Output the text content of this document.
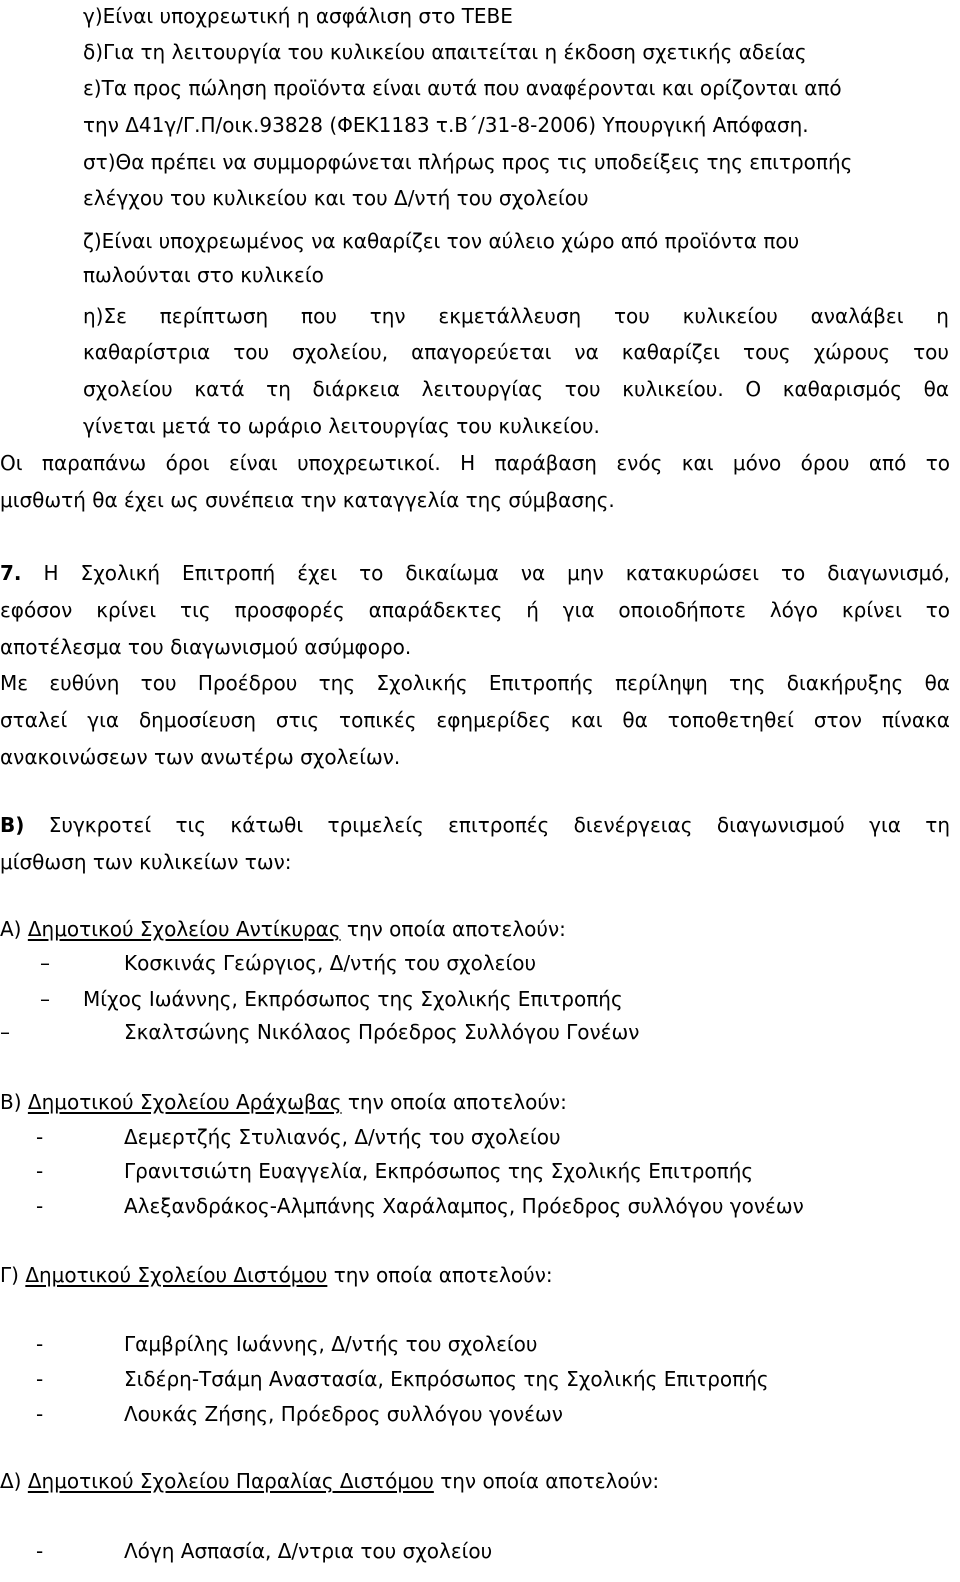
γ)Είναι υποχρεωτική η ασφάλιση στο ΤΕΒΕ
δ)Για τη λειτουργία του κυλικείου απαιτείται η έκδοση σχετικής αδείας
ε)Τα προς πώληση προϊόντα είναι αυτά που αναφέρονται και ορίζονται από
την Δ41γ/Γ.Π/οικ.93828 (ΦΕΚ1183 τ.Β΄/31-8-2006) Υπουργική Απόφαση.
στ)Θα πρέπει να συμμορφώνεται πλήρως προς τις υποδείξεις της επιτροπής
ελέγχου του κυλικείου και του Δ/ντή του σχολείου
ζ)Είναι υποχρεωμένος να καθαρίζει τον αύλειο χώρο από προϊόντα που
πωλούνται στο κυλικείο
η)Σε περίπτωση που την εκμετάλλευση του κυλικείου αναλάβει η
καθαρίστρια του σχολείου, απαγορεύεται να καθαρίζει τους χώρους του
σχολείου κατά τη διάρκεια λειτουργίας του κυλικείου. Ο καθαρισμός θα
γίνεται μετά το ωράριο λειτουργίας του κυλικείου.
Οι παραπάνω όροι είναι υποχρεωτικοί. Η παράβαση ενός και μόνο όρου από το
μισθωτή θα έχει ως συνέπεια την καταγγελία της σύμβασης.
7. Η Σχολική Επιτροπή έχει το δικαίωμα να μην κατακυρώσει το διαγωνισμό,
εφόσον κρίνει τις προσφορές απαράδεκτες ή για οποιοδήποτε λόγο κρίνει το
αποτέλεσμα του διαγωνισμού ασύμφορο.
Με ευθύνη του Προέδρου της Σχολικής Επιτροπής περίληψη της διακήρυξης θα
σταλεί για δημοσίευση στις τοπικές εφημερίδες και θα τοποθετηθεί στον πίνακα
ανακοινώσεων των ανωτέρω σχολείων.
Β) Συγκροτεί τις κάτωθι τριμελείς επιτροπές διενέργειας διαγωνισμού για τη
μίσθωση των κυλικείων των:
Α) Δημοτικού Σχολείου Αντίκυρας την οποία αποτελούν:
–	Κοσκινάς Γεώργιος, Δ/ντής του σχολείου
– Μίχος Ιωάννης, Εκπρόσωπος της Σχολικής Επιτροπής
–	Σκαλτσώνης Νικόλαος Πρόεδρος Συλλόγου Γονέων
Β) Δημοτικού Σχολείου Αράχωβας την οποία αποτελούν:
-	Δεμερτζής Στυλιανός, Δ/ντής του σχολείου
-	Γρανιτσιώτη Ευαγγελία, Εκπρόσωπος της Σχολικής Επιτροπής
-	Αλεξανδράκος-Αλμπάνης Χαράλαμπος, Πρόεδρος συλλόγου γονέων
Γ) Δημοτικού Σχολείου Διστόμου την οποία αποτελούν:
-	Γαμβρίλης Ιωάννης, Δ/ντής του σχολείου
-	Σιδέρη-Τσάμη Αναστασία, Εκπρόσωπος της Σχολικής Επιτροπής
-	Λουκάς Ζήσης, Πρόεδρος συλλόγου γονέων
Δ) Δημοτικού Σχολείου Παραλίας Διστόμου την οποία αποτελούν:
-	Λόγη Ασπασία, Δ/ντρια του σχολείου
